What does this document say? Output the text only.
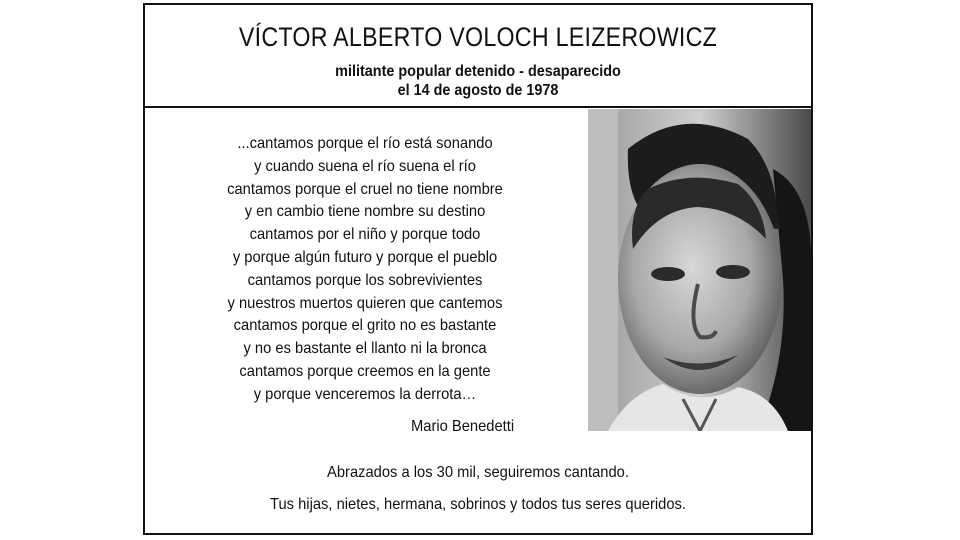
VÍCTOR ALBERTO VOLOCH LEIZEROWICZ
militante popular detenido - desaparecido
el 14 de agosto de 1978
...cantamos porque el río está sonando
y cuando suena el río suena el río
cantamos porque el cruel no tiene nombre
y en cambio tiene nombre su destino
cantamos por el niño y porque todo
y porque algún futuro y porque el pueblo
cantamos porque los sobrevivientes
y nuestros muertos quieren que cantemos
cantamos porque el grito no es bastante
y no es bastante el llanto ni la bronca
cantamos porque creemos en la gente
y porque venceremos la derrota…
Mario Benedetti
Abrazados a los 30 mil, seguiremos cantando.
Tus hijas, nietes, hermana, sobrinos y todos tus seres queridos.
